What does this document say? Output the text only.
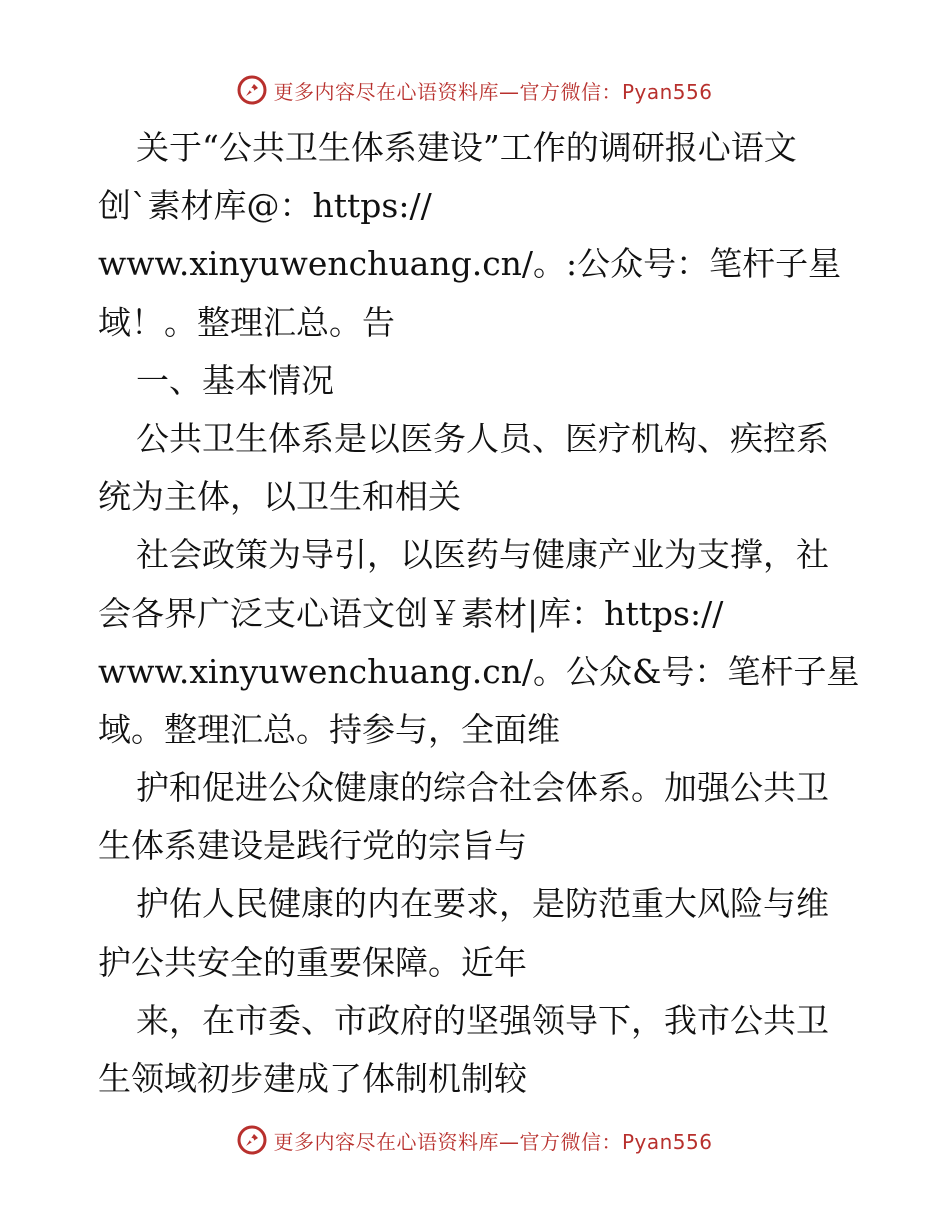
更多内容尽在心语资料库—官方微信：Pyan556
关于“公共卫生体系建设”工作的调研报心语文
创`素材库@：https://
www.xinyuwenchuang.cn/。:公众号：笔杆子星
域！。整理汇总。告
一、基本情况
公共卫生体系是以医务人员、医疗机构、疾控系
统为主体，以卫生和相关
社会政策为导引，以医药与健康产业为支撑，社
会各界广泛支心语文创￥素材|库：https://
www.xinyuwenchuang.cn/。公众&号：笔杆子星
域。整理汇总。持参与，全面维
护和促进公众健康的综合社会体系。加强公共卫
生体系建设是践行党的宗旨与
护佑人民健康的内在要求，是防范重大风险与维
护公共安全的重要保障。近年
来，在市委、市政府的坚强领导下，我市公共卫
生领域初步建成了体制机制较
更多内容尽在心语资料库—官方微信：Pyan556
